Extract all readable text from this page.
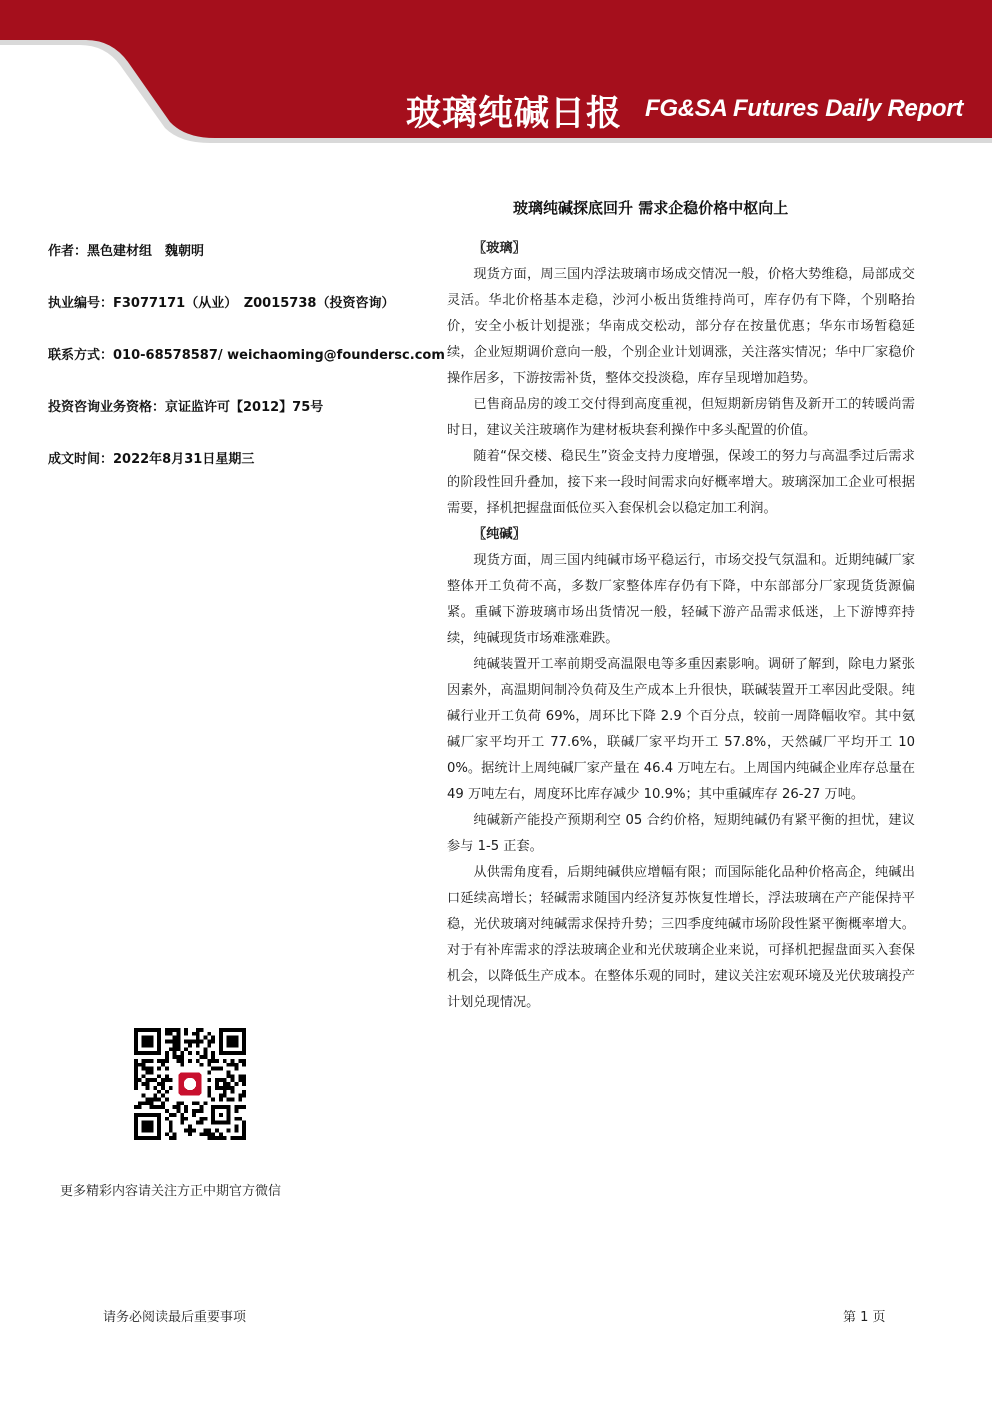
玻璃纯碱日报 FG&SA Futures Daily Report
玻璃纯碱探底回升 需求企稳价格中枢向上
作者：黑色建材组　魏朝明
执业编号：F3077171（从业）　Z0015738（投资咨询）
联系方式：010-68578587/ weichaoming@foundersc.com
投资咨询业务资格：京证监许可【2012】75号
成文时间：2022年8月31日星期三
更多精彩内容请关注方正中期官方微信

〖玻璃〗

现货方面，周三国内浮法玻璃市场成交情况一般，价格大势维稳，局部成交灵活。华北价格基本走稳，沙河小板出货维持尚可，库存仍有下降，个别略抬价，安全小板计划提涨；华南成交松动，部分存在按量优惠；华东市场暂稳延续，企业短期调价意向一般，个别企业计划调涨，关注落实情况；华中厂家稳价操作居多，下游按需补货，整体交投淡稳，库存呈现增加趋势。

已售商品房的竣工交付得到高度重视，但短期新房销售及新开工的转暖尚需时日，建议关注玻璃作为建材板块套利操作中多头配置的价值。

随着“保交楼、稳民生”资金支持力度增强，保竣工的努力与高温季过后需求的阶段性回升叠加，接下来一段时间需求向好概率增大。玻璃深加工企业可根据需要，择机把握盘面低位买入套保机会以稳定加工利润。

〖纯碱〗

现货方面，周三国内纯碱市场平稳运行，市场交投气氛温和。近期纯碱厂家整体开工负荷不高，多数厂家整体库存仍有下降，中东部部分厂家现货货源偏紧。重碱下游玻璃市场出货情况一般，轻碱下游产品需求低迷，上下游博弈持续，纯碱现货市场难涨难跌。

纯碱装置开工率前期受高温限电等多重因素影响。调研了解到，除电力紧张因素外，高温期间制冷负荷及生产成本上升很快，联碱装置开工率因此受限。纯碱行业开工负荷 69%，周环比下降 2.9 个百分点，较前一周降幅收窄。其中氨碱厂家平均开工 77.6%，联碱厂家平均开工 57.8%，天然碱厂平均开工 100%。据统计上周纯碱厂家产量在 46.4 万吨左右。上周国内纯碱企业库存总量在 49 万吨左右，周度环比库存减少 10.9%；其中重碱库存 26-27 万吨。

纯碱新产能投产预期利空 05 合约价格，短期纯碱仍有紧平衡的担忧，建议参与 1-5 正套。

从供需角度看，后期纯碱供应增幅有限；而国际能化品种价格高企，纯碱出口延续高增长；轻碱需求随国内经济复苏恢复性增长，浮法玻璃在产产能保持平稳，光伏玻璃对纯碱需求保持升势；三四季度纯碱市场阶段性紧平衡概率增大。对于有补库需求的浮法玻璃企业和光伏玻璃企业来说，可择机把握盘面买入套保机会，以降低生产成本。在整体乐观的同时，建议关注宏观环境及光伏玻璃投产计划兑现情况。

请务必阅读最后重要事项	第 1 页
